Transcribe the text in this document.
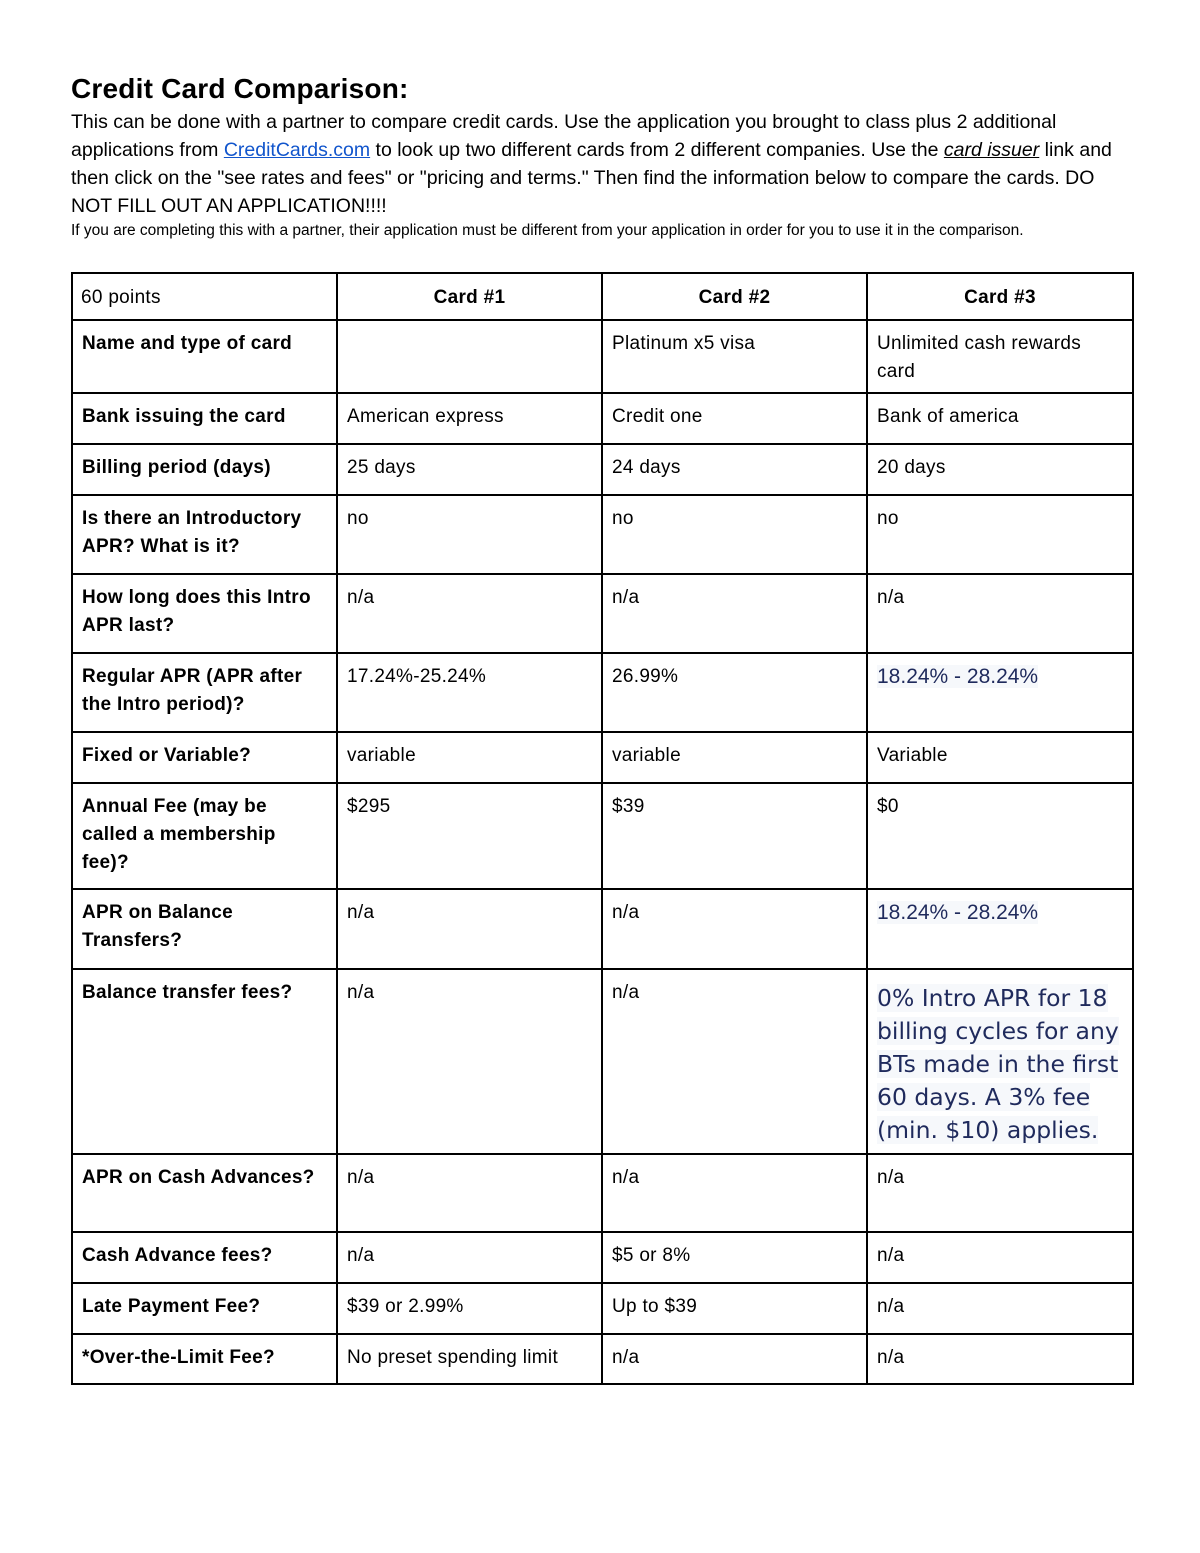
Credit Card Comparison:

This can be done with a partner to compare credit cards. Use the application you brought to class plus 2 additional applications from CreditCards.com to look up two different cards from 2 different companies. Use the card issuer link and then click on the "see rates and fees" or "pricing and terms." Then find the information below to compare the cards. DO NOT FILL OUT AN APPLICATION!!!!

If you are completing this with a partner, their application must be different from your application in order for you to use it in the comparison.

60 points	Card #1	Card #2	Card #3
Name and type of card		Platinum x5 visa	Unlimited cash rewards card
Bank issuing the card	American express	Credit one	Bank of america
Billing period (days)	25 days	24 days	20 days
Is there an Introductory APR? What is it?	no	no	no
How long does this Intro APR last?	n/a	n/a	n/a
Regular APR (APR after the Intro period)?	17.24%-25.24%	26.99%	18.24% - 28.24%
Fixed or Variable?	variable	variable	Variable
Annual Fee (may be called a membership fee)?	$295	$39	$0
APR on Balance Transfers?	n/a	n/a	18.24% - 28.24%
Balance transfer fees?	n/a	n/a	0% Intro APR for 18 billing cycles for any BTs made in the first 60 days. A 3% fee (min. $10) applies.
APR on Cash Advances?	n/a	n/a	n/a
Cash Advance fees?	n/a	$5 or 8%	n/a
Late Payment Fee?	$39 or 2.99%	Up to $39	n/a
*Over-the-Limit Fee?	No preset spending limit	n/a	n/a
